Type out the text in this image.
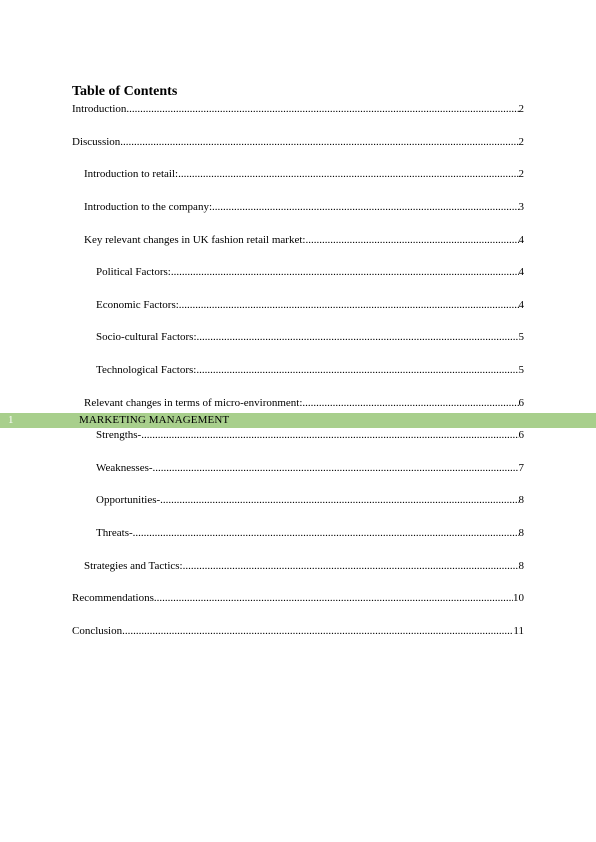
Table of Contents
Introduction .....	2
Discussion .....	2
Introduction to retail: .....	2
Introduction to the company: .....	3
Key relevant changes in UK fashion retail market: .....	4
Political Factors: .....	4
Economic Factors: .....	4
Socio-cultural Factors: .....	5
Technological Factors: .....	5
Relevant changes in terms of micro-environment: .....	6
1	MARKETING MANAGEMENT
Strengths- .....	6
Weaknesses- .....	7
Opportunities- .....	8
Threats- .....	8
Strategies and Tactics: .....	8
Recommendations .....	10
Conclusion .....	11
